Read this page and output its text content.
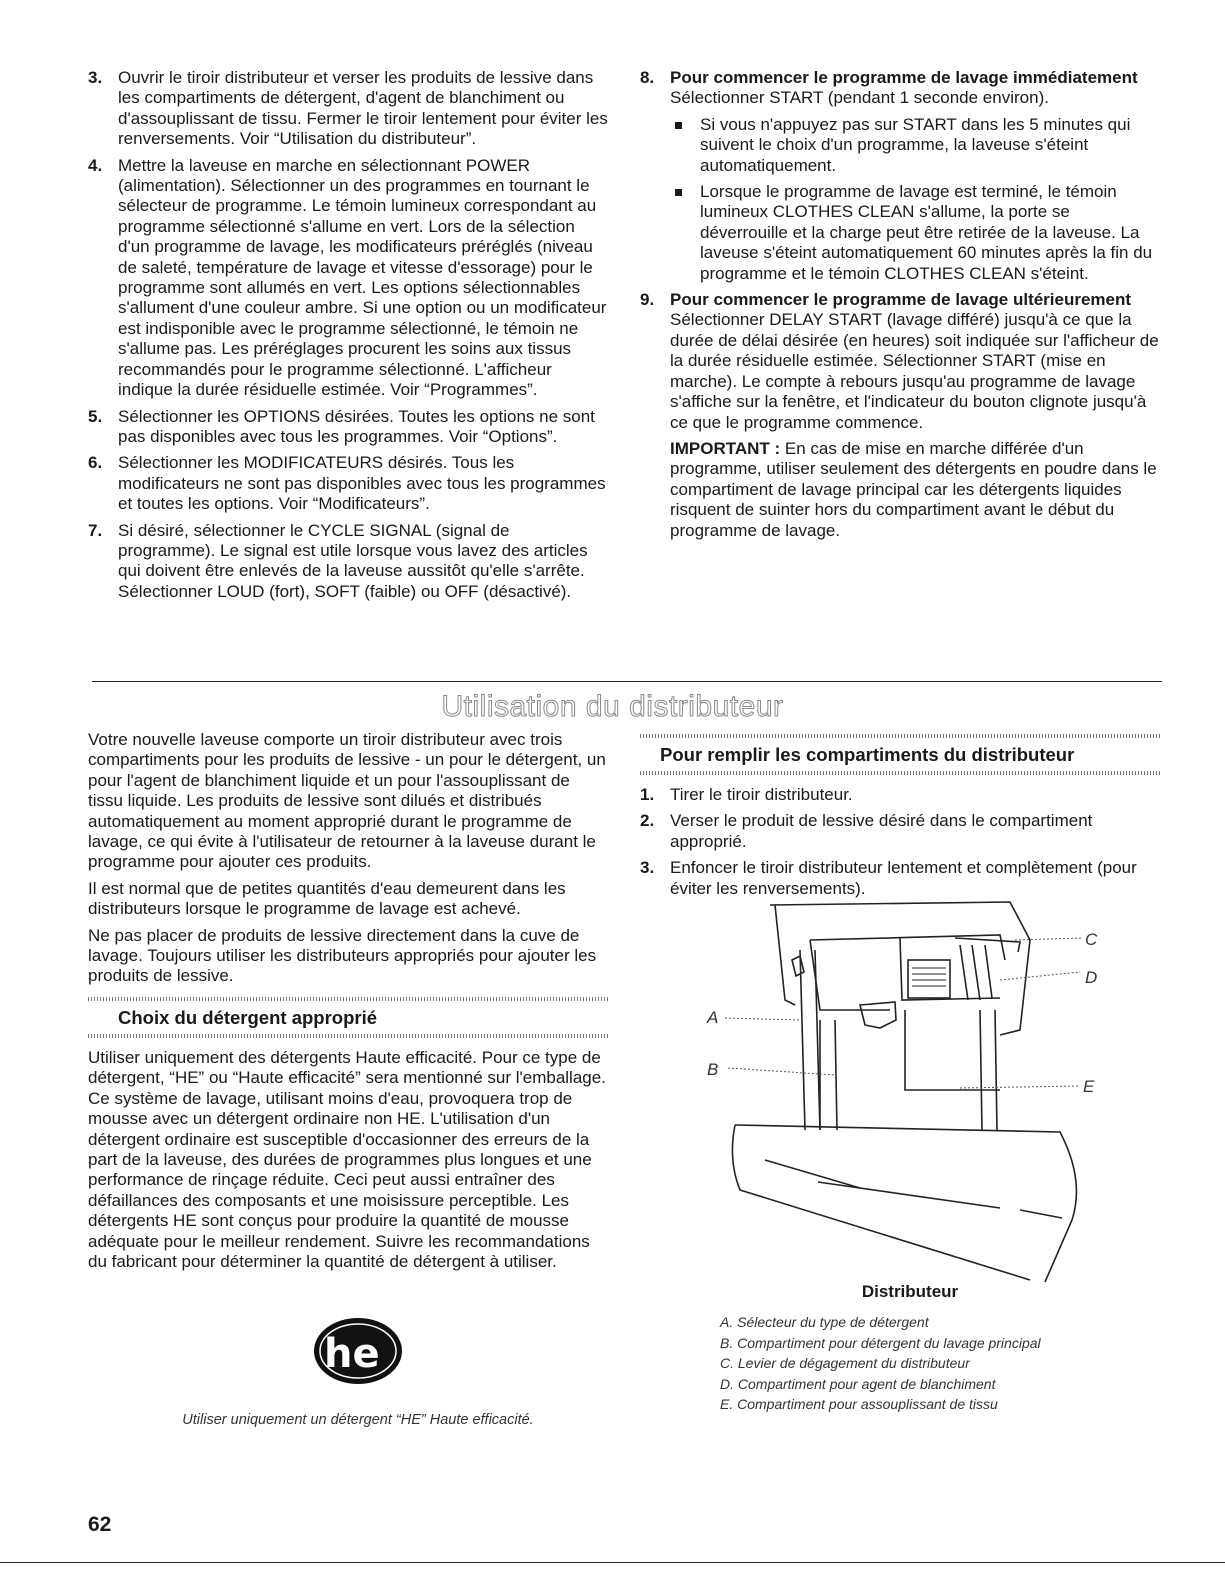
3. Ouvrir le tiroir distributeur et verser les produits de lessive dans les compartiments de détergent, d'agent de blanchiment ou d'assouplissant de tissu. Fermer le tiroir lentement pour éviter les renversements. Voir “Utilisation du distributeur”.
4. Mettre la laveuse en marche en sélectionnant POWER (alimentation). Sélectionner un des programmes en tournant le sélecteur de programme. Le témoin lumineux correspondant au programme sélectionné s'allume en vert. Lors de la sélection d'un programme de lavage, les modificateurs préréglés (niveau de saleté, température de lavage et vitesse d'essorage) pour le programme sont allumés en vert. Les options sélectionnables s'allument d'une couleur ambre. Si une option ou un modificateur est indisponible avec le programme sélectionné, le témoin ne s'allume pas. Les préréglages procurent les soins aux tissus recommandés pour le programme sélectionné. L'afficheur indique la durée résiduelle estimée. Voir “Programmes”.
5. Sélectionner les OPTIONS désirées. Toutes les options ne sont pas disponibles avec tous les programmes. Voir “Options”.
6. Sélectionner les MODIFICATEURS désirés. Tous les modificateurs ne sont pas disponibles avec tous les programmes et toutes les options. Voir “Modificateurs”.
7. Si désiré, sélectionner le CYCLE SIGNAL (signal de programme). Le signal est utile lorsque vous lavez des articles qui doivent être enlevés de la laveuse aussitôt qu'elle s'arrête. Sélectionner LOUD (fort), SOFT (faible) ou OFF (désactivé).
8. Pour commencer le programme de lavage immédiatement
Sélectionner START (pendant 1 seconde environ).
Si vous n'appuyez pas sur START dans les 5 minutes qui suivent le choix d'un programme, la laveuse s'éteint automatiquement.
Lorsque le programme de lavage est terminé, le témoin lumineux CLOTHES CLEAN s'allume, la porte se déverrouille et la charge peut être retirée de la laveuse. La laveuse s'éteint automatiquement 60 minutes après la fin du programme et le témoin CLOTHES CLEAN s'éteint.
9. Pour commencer le programme de lavage ultérieurement
Sélectionner DELAY START (lavage différé) jusqu'à ce que la durée de délai désirée (en heures) soit indiquée sur l'afficheur de la durée résiduelle estimée. Sélectionner START (mise en marche). Le compte à rebours jusqu'au programme de lavage s'affiche sur la fenêtre, et l'indicateur du bouton clignote jusqu'à ce que le programme commence.
IMPORTANT : En cas de mise en marche différée d'un programme, utiliser seulement des détergents en poudre dans le compartiment de lavage principal car les détergents liquides risquent de suinter hors du compartiment avant le début du programme de lavage.
Utilisation du distributeur

Votre nouvelle laveuse comporte un tiroir distributeur avec trois compartiments pour les produits de lessive - un pour le détergent, un pour l'agent de blanchiment liquide et un pour l'assouplissant de tissu liquide. Les produits de lessive sont dilués et distribués automatiquement au moment approprié durant le programme de lavage, ce qui évite à l'utilisateur de retourner à la laveuse durant le programme pour ajouter ces produits.

Il est normal que de petites quantités d'eau demeurent dans les distributeurs lorsque le programme de lavage est achevé.

Ne pas placer de produits de lessive directement dans la cuve de lavage. Toujours utiliser les distributeurs appropriés pour ajouter les produits de lessive.

Choix du détergent approprié

Utiliser uniquement des détergents Haute efficacité. Pour ce type de détergent, “HE” ou “Haute efficacité” sera mentionné sur l'emballage. Ce système de lavage, utilisant moins d'eau, provoquera trop de mousse avec un détergent ordinaire non HE. L'utilisation d'un détergent ordinaire est susceptible d'occasionner des erreurs de la part de la laveuse, des durées de programmes plus longues et une performance de rinçage réduite. Ceci peut aussi entraîner des défaillances des composants et une moisissure perceptible. Les détergents HE sont conçus pour produire la quantité de mousse adéquate pour le meilleur rendement. Suivre les recommandations du fabricant pour déterminer la quantité de détergent à utiliser.

he
Utiliser uniquement un détergent “HE” Haute efficacité.
Pour remplir les compartiments du distributeur
1. Tirer le tiroir distributeur.
2. Verser le produit de lessive désiré dans le compartiment approprié.
3. Enfoncer le tiroir distributeur lentement et complètement (pour éviter les renversements).
A
B
C
D
E
Distributeur
A. Sélecteur du type de détergent
B. Compartiment pour détergent du lavage principal
C. Levier de dégagement du distributeur
D. Compartiment pour agent de blanchiment
E. Compartiment pour assouplissant de tissu
62
